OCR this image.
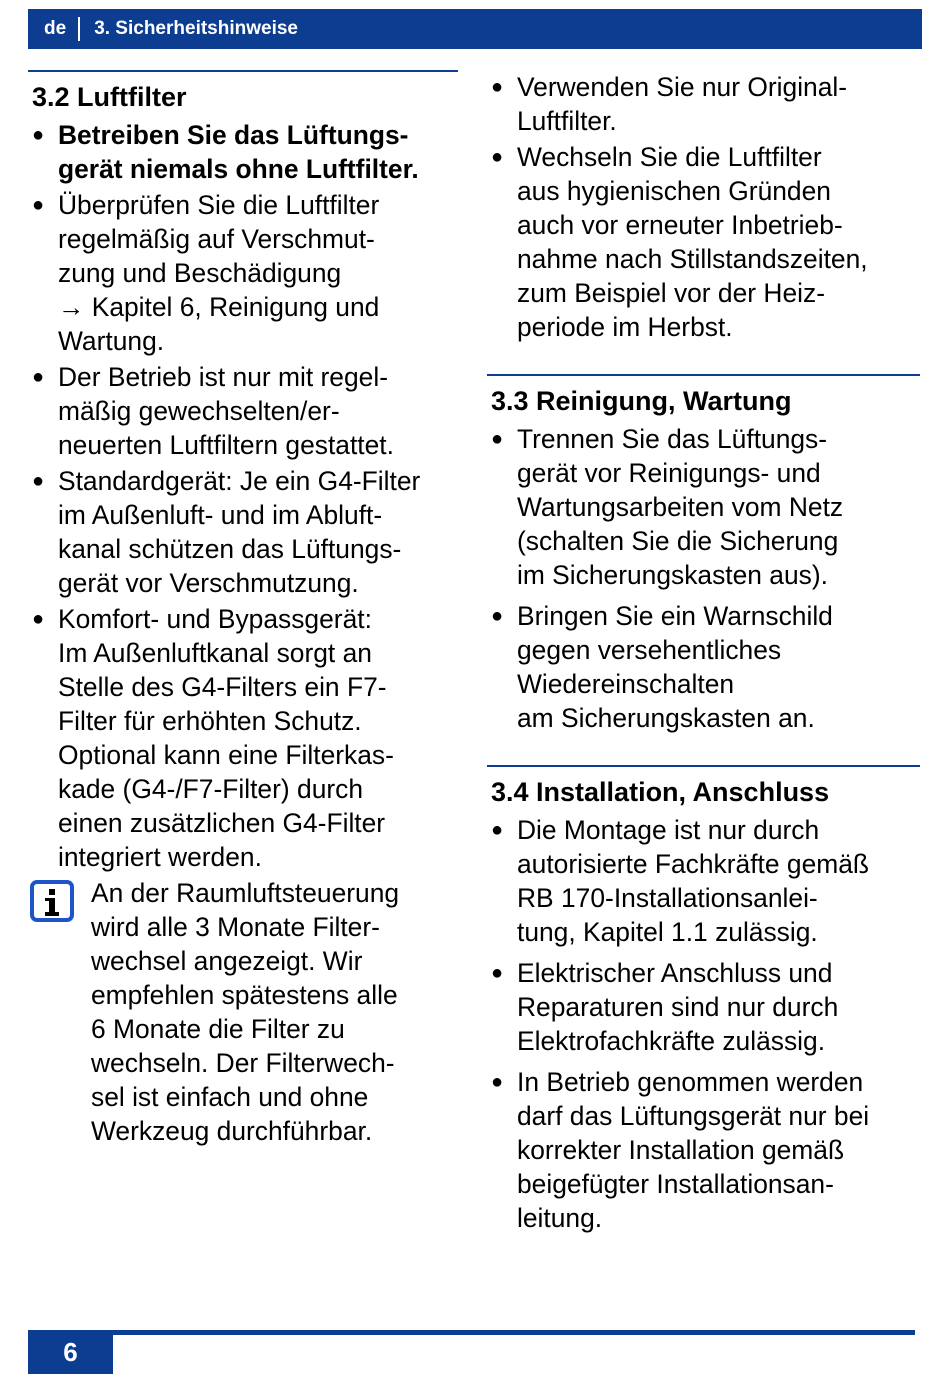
de	3. Sicherheitshinweise
3.2 Luftfilter
● Betreiben Sie das Lüftungs-
gerät niemals ohne Luftfilter.
● Überprüfen Sie die Luftfilter
regelmäßig auf Verschmut-
zung und Beschädigung
→ Kapitel 6, Reinigung und
Wartung.
● Der Betrieb ist nur mit regel-
mäßig gewechselten/er-
neuerten Luftfiltern gestattet.
● Standardgerät: Je ein G4-Filter
im Außenluft- und im Abluft-
kanal schützen das Lüftungs-
gerät vor Verschmutzung.
● Komfort- und Bypassgerät:
Im Außenluftkanal sorgt an
Stelle des G4-Filters ein F7-
Filter für erhöhten Schutz.
Optional kann eine Filterkas-
kade (G4-/F7-Filter) durch
einen zusätzlichen G4-Filter
integriert werden.
An der Raumluftsteuerung
wird alle 3 Monate Filter-
wechsel angezeigt. Wir
empfehlen spätestens alle
6 Monate die Filter zu
wechseln. Der Filterwech-
sel ist einfach und ohne
Werkzeug durchführbar.
● Verwenden Sie nur Original-
Luftfilter.
● Wechseln Sie die Luftfilter
aus hygienischen Gründen
auch vor erneuter Inbetrieb-
nahme nach Stillstandszeiten,
zum Beispiel vor der Heiz-
periode im Herbst.
3.3 Reinigung, Wartung
● Trennen Sie das Lüftungs-
gerät vor Reinigungs- und
Wartungsarbeiten vom Netz
(schalten Sie die Sicherung
im Sicherungskasten aus).
● Bringen Sie ein Warnschild
gegen versehentliches
Wiedereinschalten
am Sicherungskasten an.
3.4 Installation, Anschluss
● Die Montage ist nur durch
autorisierte Fachkräfte gemäß
RB 170-Installationsanlei-
tung, Kapitel 1.1 zulässig.
● Elektrischer Anschluss und
Reparaturen sind nur durch
Elektrofachkräfte zulässig.
● In Betrieb genommen werden
darf das Lüftungsgerät nur bei
korrekter Installation gemäß
beigefügter Installationsan-
leitung.
6
